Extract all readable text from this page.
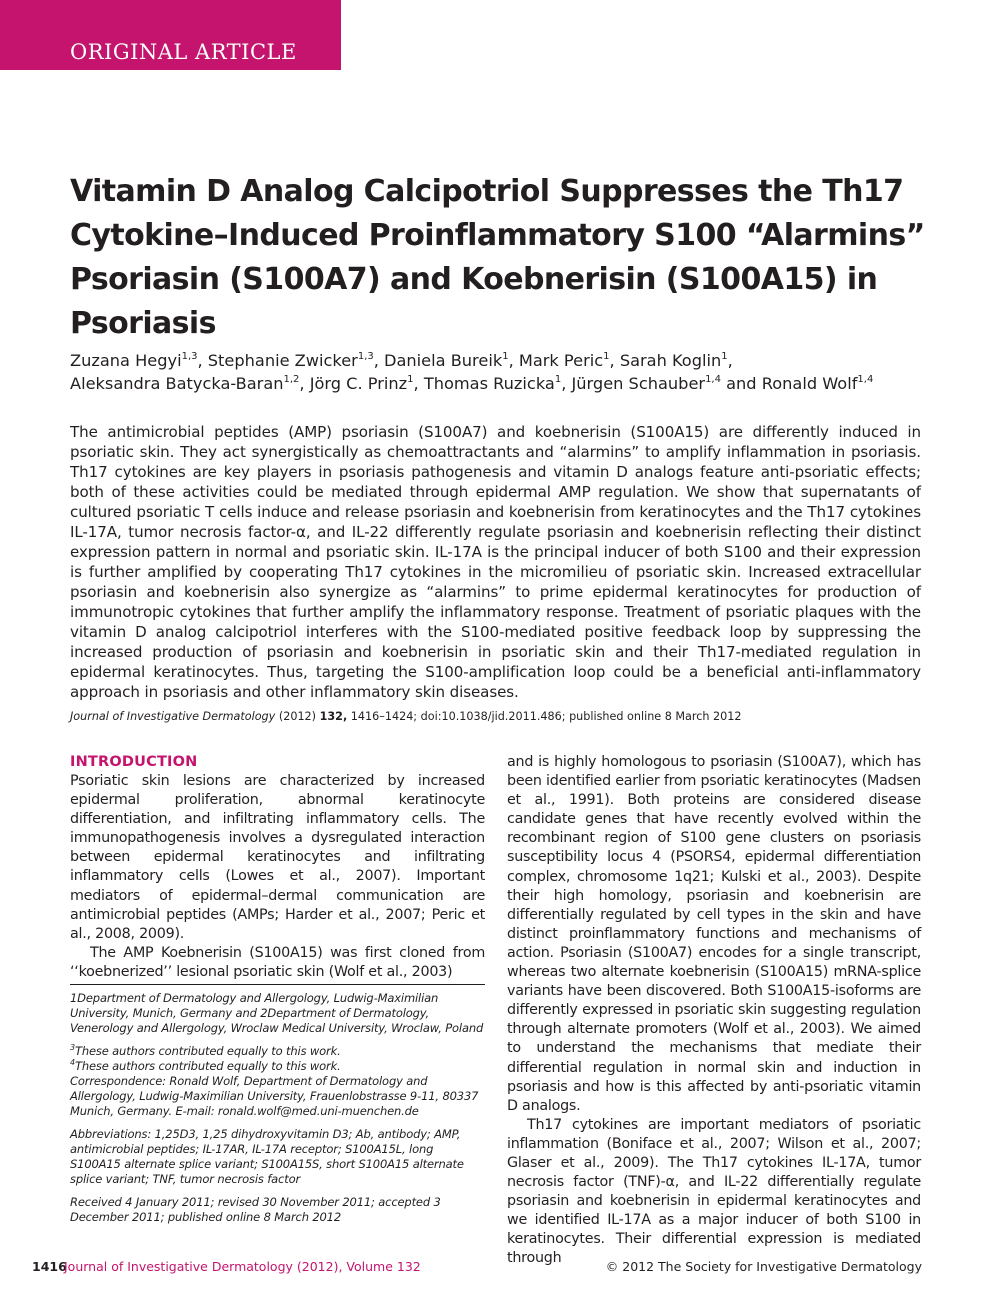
ORIGINAL ARTICLE
Vitamin D Analog Calcipotriol Suppresses the Th17
Cytokine–Induced Proinflammatory S100 “Alarmins”
Psoriasin (S100A7) and Koebnerisin (S100A15) in
Psoriasis
Zuzana Hegyi$^{1,3}$, Stephanie Zwicker$^{1,3}$, Daniela Bureik$^1$, Mark Peric$^1$, Sarah Koglin$^1$,
Aleksandra Batycka-Baran$^{1,2}$, Jörg C. Prinz$^1$, Thomas Ruzicka$^1$, Jürgen Schauber$^{1,4}$ and Ronald Wolf$^{1,4}$
The antimicrobial peptides (AMP) psoriasin (S100A7) and koebnerisin (S100A15) are differently induced in psoriatic skin. They act synergistically as chemoattractants and “alarmins” to amplify inflammation in psoriasis. Th17 cytokines are key players in psoriasis pathogenesis and vitamin D analogs feature anti-psoriatic effects; both of these activities could be mediated through epidermal AMP regulation. We show that supernatants of cultured psoriatic T cells induce and release psoriasin and koebnerisin from keratinocytes and the Th17 cytokines IL-17A, tumor necrosis factor-α, and IL-22 differently regulate psoriasin and koebnerisin reflecting their distinct expression pattern in normal and psoriatic skin. IL-17A is the principal inducer of both S100 and their expression is further amplified by cooperating Th17 cytokines in the micromilieu of psoriatic skin. Increased extracellular psoriasin and koebnerisin also synergize as “alarmins” to prime epidermal keratinocytes for production of immunotropic cytokines that further amplify the inflammatory response. Treatment of psoriatic plaques with the vitamin D analog calcipotriol interferes with the S100-mediated positive feedback loop by suppressing the increased production of psoriasin and koebnerisin in psoriatic skin and their Th17-mediated regulation in epidermal keratinocytes. Thus, targeting the S100-amplification loop could be a beneficial anti-inflammatory approach in psoriasis and other inflammatory skin diseases.
Journal of Investigative Dermatology (2012) 132, 1416–1424; doi:10.1038/jid.2011.486; published online 8 March 2012
INTRODUCTION

Psoriatic skin lesions are characterized by increased epidermal proliferation, abnormal keratinocyte differentiation, and infiltrating inflammatory cells. The immunopathogenesis involves a dysregulated interaction between epidermal keratinocytes and infiltrating inflammatory cells (Lowes et al., 2007). Important mediators of epidermal–dermal communication are antimicrobial peptides (AMPs; Harder et al., 2007; Peric et al., 2008, 2009).

The AMP Koebnerisin (S100A15) was first cloned from ‘‘koebnerized’’ lesional psoriatic skin (Wolf et al., 2003)

1Department of Dermatology and Allergology, Ludwig-Maximilian University, Munich, Germany and 2Department of Dermatology, Venerology and Allergology, Wroclaw Medical University, Wroclaw, Poland

$^3$These authors contributed equally to this work.

$^4$These authors contributed equally to this work.

Correspondence: Ronald Wolf, Department of Dermatology and Allergology, Ludwig-Maximilian University, Frauenlobstrasse 9-11, 80337 Munich, Germany. E-mail: ronald.wolf@med.uni-muenchen.de

Abbreviations: 1,25D3, 1,25 dihydroxyvitamin D3; Ab, antibody; AMP, antimicrobial peptides; IL-17AR, IL-17A receptor; S100A15L, long S100A15 alternate splice variant; S100A15S, short S100A15 alternate splice variant; TNF, tumor necrosis factor

Received 4 January 2011; revised 30 November 2011; accepted 3 December 2011; published online 8 March 2012

and is highly homologous to psoriasin (S100A7), which has been identified earlier from psoriatic keratinocytes (Madsen et al., 1991). Both proteins are considered disease candidate genes that have recently evolved within the recombinant region of S100 gene clusters on psoriasis susceptibility locus 4 (PSORS4, epidermal differentiation complex, chromosome 1q21; Kulski et al., 2003). Despite their high homology, psoriasin and koebnerisin are differentially regulated by cell types in the skin and have distinct proinflammatory functions and mechanisms of action. Psoriasin (S100A7) encodes for a single transcript, whereas two alternate koebnerisin (S100A15) mRNA-splice variants have been discovered. Both S100A15-isoforms are differently expressed in psoriatic skin suggesting regulation through alternate promoters (Wolf et al., 2003). We aimed to understand the mechanisms that mediate their differential regulation in normal skin and induction in psoriasis and how is this affected by anti-psoriatic vitamin D analogs.

Th17 cytokines are important mediators of psoriatic inflammation (Boniface et al., 2007; Wilson et al., 2007; Glaser et al., 2009). The Th17 cytokines IL-17A, tumor necrosis factor (TNF)-α, and IL-22 differentially regulate psoriasin and koebnerisin in epidermal keratinocytes and we identified IL-17A as a major inducer of both S100 in keratinocytes. Their differential expression is mediated through

1416
Journal of Investigative Dermatology (2012), Volume 132	© 2012 The Society for Investigative Dermatology
